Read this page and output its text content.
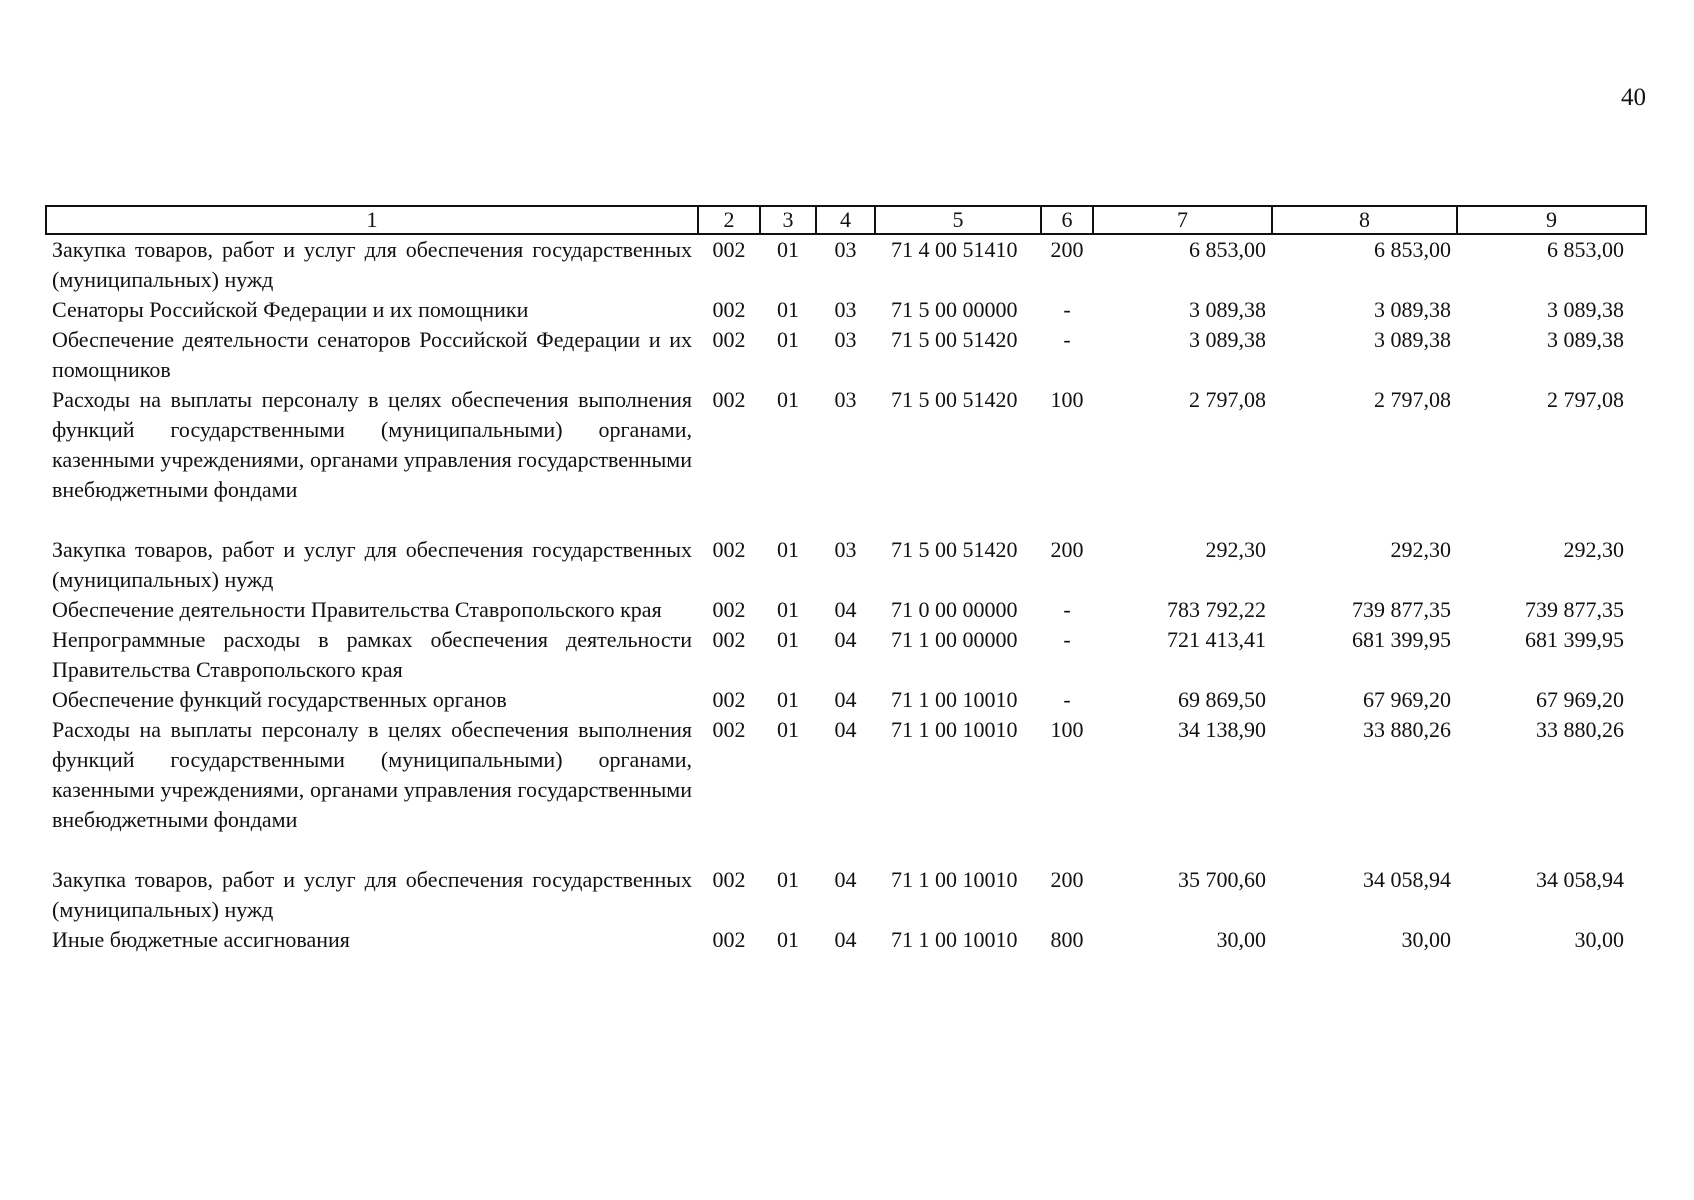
40
1	2	3	4	5	6	7	8	9
Закупка товаров, работ и услуг для обеспечения государственных (муниципальных) нужд	002	01	03	71 4 00 51410	200	6 853,00	6 853,00	6 853,00
Сенаторы Российской Федерации и их помощники	002	01	03	71 5 00 00000	-	3 089,38	3 089,38	3 089,38
Обеспечение деятельности сенаторов Российской Федерации и их помощников	002	01	03	71 5 00 51420	-	3 089,38	3 089,38	3 089,38
Расходы на выплаты персоналу в целях обеспечения выполнения функций государственными (муниципальными) органами, казенными учреждениями, органами управления государственными внебюджетными фондами	002	01	03	71 5 00 51420	100	2 797,08	2 797,08	2 797,08
Закупка товаров, работ и услуг для обеспечения государственных (муниципальных) нужд	002	01	03	71 5 00 51420	200	292,30	292,30	292,30
Обеспечение деятельности Правительства Ставропольского края	002	01	04	71 0 00 00000	-	783 792,22	739 877,35	739 877,35
Непрограммные расходы в рамках обеспечения деятельности Правительства Ставропольского края	002	01	04	71 1 00 00000	-	721 413,41	681 399,95	681 399,95
Обеспечение функций государственных органов	002	01	04	71 1 00 10010	-	69 869,50	67 969,20	67 969,20
Расходы на выплаты персоналу в целях обеспечения выполнения функций государственными (муниципальными) органами, казенными учреждениями, органами управления государственными внебюджетными фондами	002	01	04	71 1 00 10010	100	34 138,90	33 880,26	33 880,26
Закупка товаров, работ и услуг для обеспечения государственных (муниципальных) нужд	002	01	04	71 1 00 10010	200	35 700,60	34 058,94	34 058,94
Иные бюджетные ассигнования	002	01	04	71 1 00 10010	800	30,00	30,00	30,00
